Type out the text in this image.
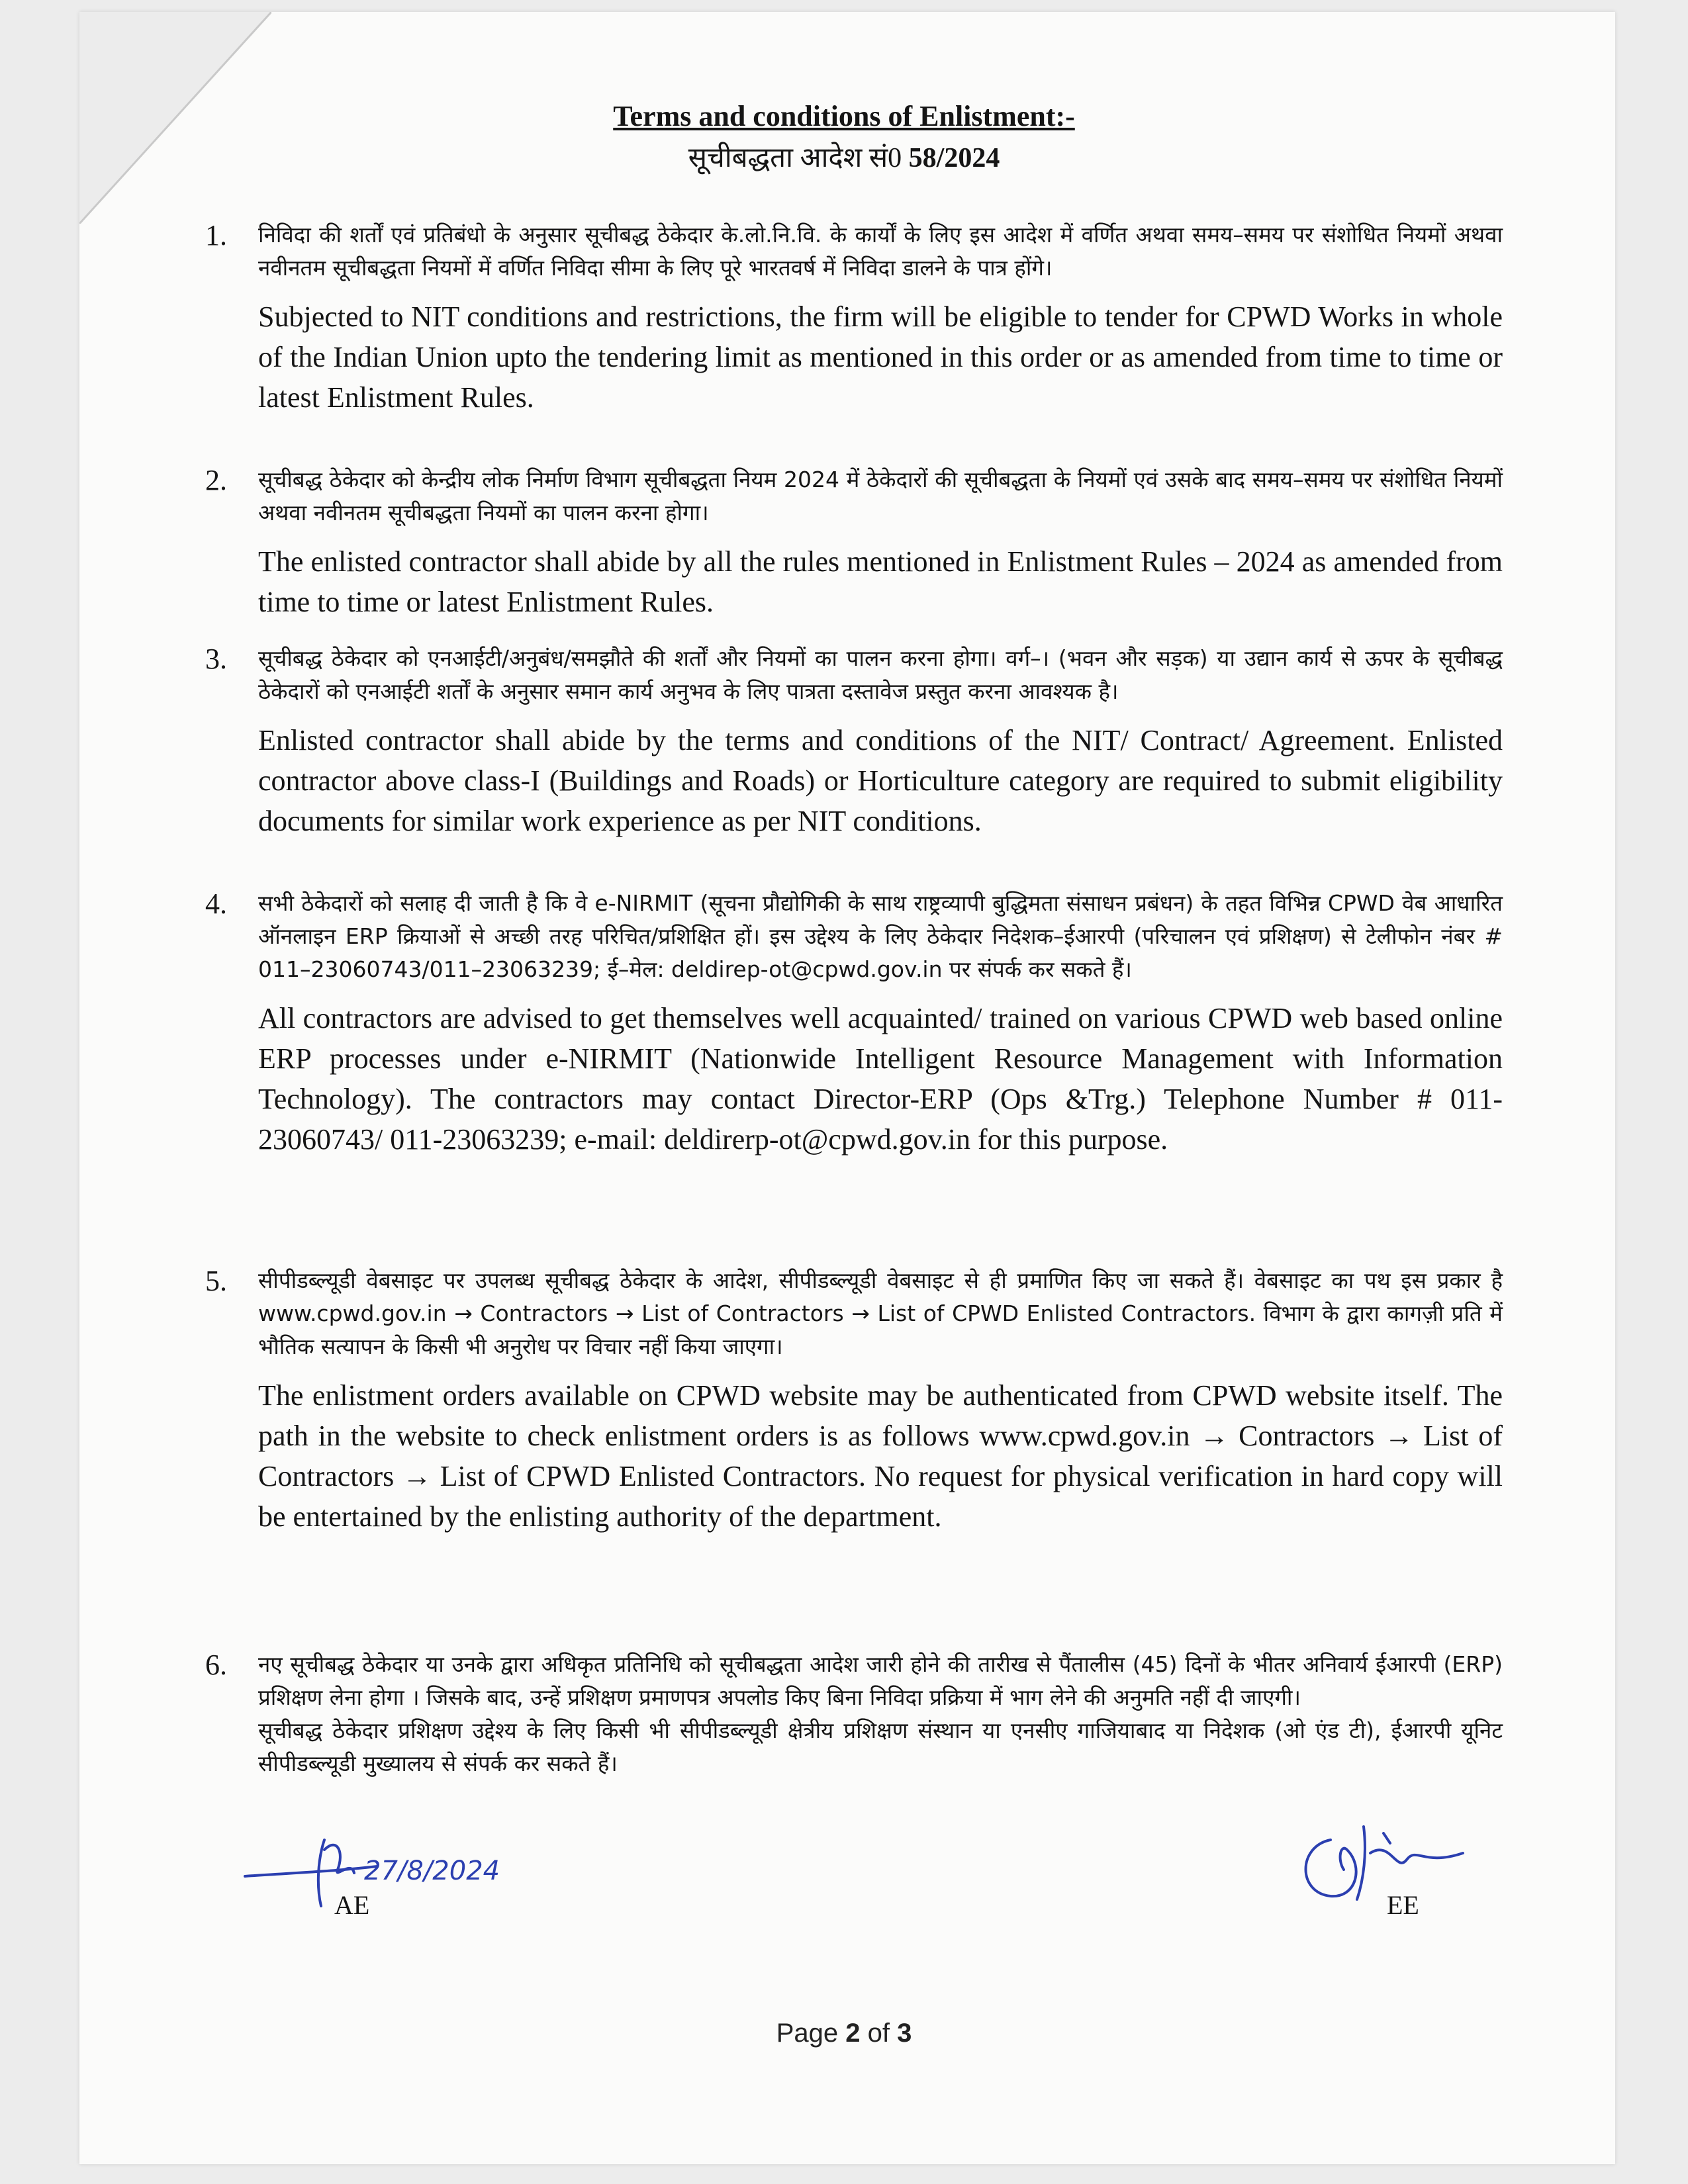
Terms and conditions of Enlistment:-
सूचीबद्धता आदेश सं0 58/2024
1. निविदा की शर्तों एवं प्रतिबंधो के अनुसार सूचीबद्ध ठेकेदार के.लो.नि.वि. के कार्यों के लिए इस आदेश में वर्णित अथवा समय–समय पर संशोधित नियमों अथवा नवीनतम सूचीबद्धता नियमों में वर्णित निविदा सीमा के लिए पूरे भारतवर्ष में निविदा डालने के पात्र होंगे।

Subjected to NIT conditions and restrictions, the firm will be eligible to tender for CPWD Works in whole of the Indian Union upto the tendering limit as mentioned in this order or as amended from time to time or latest Enlistment Rules.

2. सूचीबद्ध ठेकेदार को केन्द्रीय लोक निर्माण विभाग सूचीबद्धता नियम 2024 में ठेकेदारों की सूचीबद्धता के नियमों एवं उसके बाद समय–समय पर संशोधित नियमों अथवा नवीनतम सूचीबद्धता नियमों का पालन करना होगा।

The enlisted contractor shall abide by all the rules mentioned in Enlistment Rules – 2024 as amended from time to time or latest Enlistment Rules.

3. सूचीबद्ध ठेकेदार को एनआईटी/अनुबंध/समझौते की शर्तों और नियमों का पालन करना होगा। वर्ग–। (भवन और सड़क) या उद्यान कार्य से ऊपर के सूचीबद्ध ठेकेदारों को एनआईटी शर्तों के अनुसार समान कार्य अनुभव के लिए पात्रता दस्तावेज प्रस्तुत करना आवश्यक है।

Enlisted contractor shall abide by the terms and conditions of the NIT/ Contract/ Agreement. Enlisted contractor above class-I (Buildings and Roads) or Horticulture category are required to submit eligibility documents for similar work experience as per NIT conditions.

4. सभी ठेकेदारों को सलाह दी जाती है कि वे e-NIRMIT (सूचना प्रौद्योगिकी के साथ राष्ट्रव्यापी बुद्धिमता संसाधन प्रबंधन) के तहत विभिन्न CPWD वेब आधारित ऑनलाइन ERP क्रियाओं से अच्छी तरह परिचित/प्रशिक्षित हों। इस उद्देश्य के लिए ठेकेदार निदेशक–ईआरपी (परिचालन एवं प्रशिक्षण) से टेलीफोन नंबर # 011–23060743/011–23063239; ई–मेल: deldirep-ot@cpwd.gov.in पर संपर्क कर सकते हैं।

All contractors are advised to get themselves well acquainted/ trained on various CPWD web based online ERP processes under e-NIRMIT (Nationwide Intelligent Resource Management with Information Technology). The contractors may contact Director-ERP (Ops &Trg.) Telephone Number # 011- 23060743/ 011-23063239; e-mail: deldirerp-ot@cpwd.gov.in for this purpose.

5. सीपीडब्ल्यूडी वेबसाइट पर उपलब्ध सूचीबद्ध ठेकेदार के आदेश, सीपीडब्ल्यूडी वेबसाइट से ही प्रमाणित किए जा सकते हैं। वेबसाइट का पथ इस प्रकार है www.cpwd.gov.in → Contractors → List of Contractors → List of CPWD Enlisted Contractors. विभाग के द्वारा कागज़ी प्रति में भौतिक सत्यापन के किसी भी अनुरोध पर विचार नहीं किया जाएगा।

The enlistment orders available on CPWD website may be authenticated from CPWD website itself. The path in the website to check enlistment orders is as follows www.cpwd.gov.in → Contractors → List of Contractors → List of CPWD Enlisted Contractors. No request for physical verification in hard copy will be entertained by the enlisting authority of the department.

6. नए सूचीबद्ध ठेकेदार या उनके द्वारा अधिकृत प्रतिनिधि को सूचीबद्धता आदेश जारी होने की तारीख से पैंतालीस (45) दिनों के भीतर अनिवार्य ईआरपी (ERP) प्रशिक्षण लेना होगा । जिसके बाद, उन्हें प्रशिक्षण प्रमाणपत्र अपलोड किए बिना निविदा प्रक्रिया में भाग लेने की अनुमति नहीं दी जाएगी।

सूचीबद्ध ठेकेदार प्रशिक्षण उद्देश्य के लिए किसी भी सीपीडब्ल्यूडी क्षेत्रीय प्रशिक्षण संस्थान या एनसीए गाजियाबाद या निदेशक (ओ एंड टी), ईआरपी यूनिट सीपीडब्ल्यूडी मुख्यालय से संपर्क कर सकते हैं।

27/8/2024
AE	EE
Page 2 of 3
